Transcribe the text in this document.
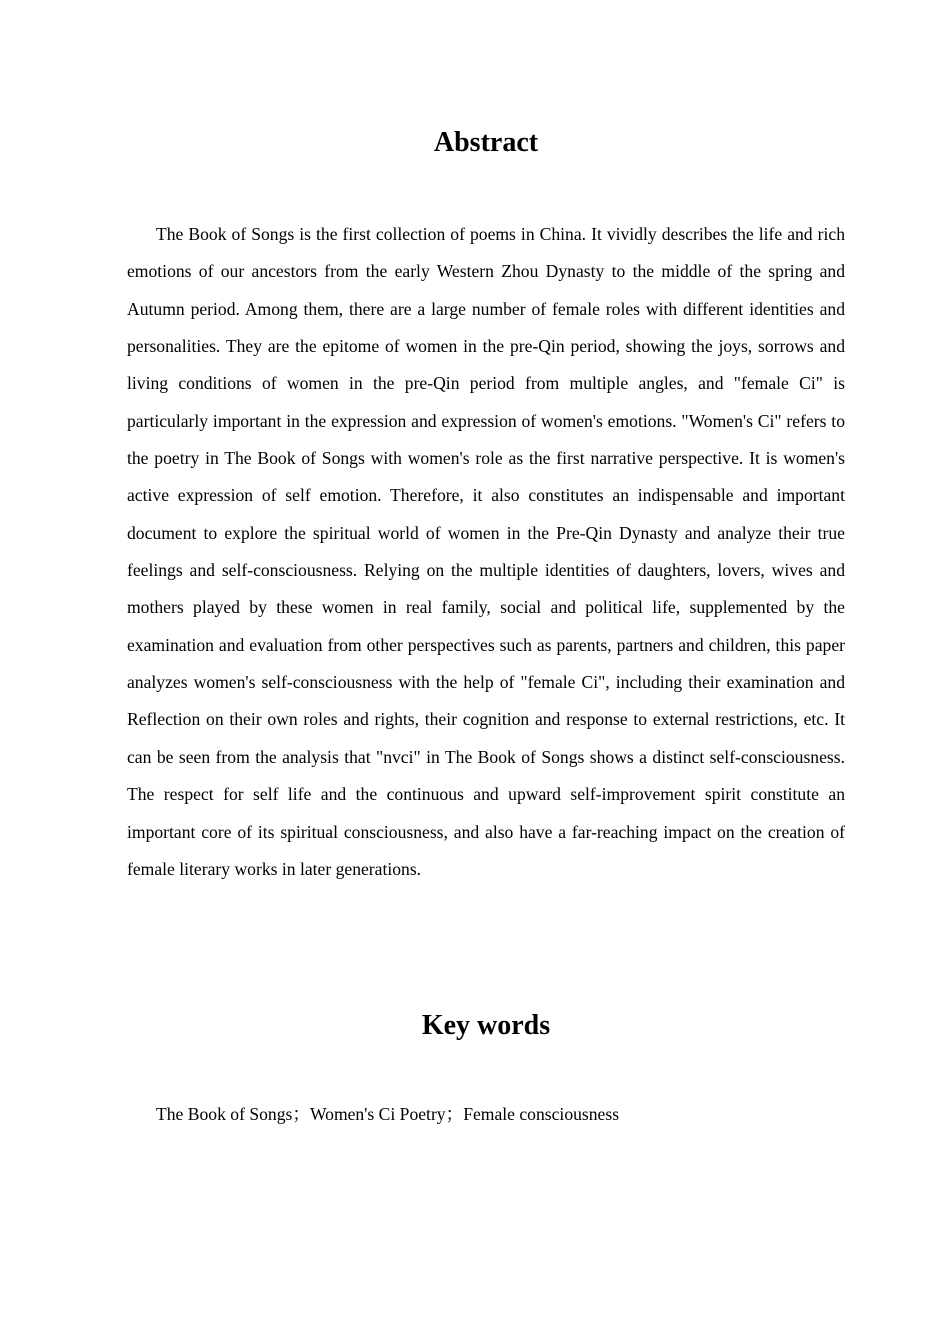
Abstract

The Book of Songs is the first collection of poems in China. It vividly describes the life and rich emotions of our ancestors from the early Western Zhou Dynasty to the middle of the spring and Autumn period. Among them, there are a large number of female roles with different identities and personalities. They are the epitome of women in the pre-Qin period, showing the joys, sorrows and living conditions of women in the pre-Qin period from multiple angles, and "female Ci" is particularly important in the expression and expression of women's emotions. "Women's Ci" refers to the poetry in The Book of Songs with women's role as the first narrative perspective. It is women's active expression of self emotion. Therefore, it also constitutes an indispensable and important document to explore the spiritual world of women in the Pre-Qin Dynasty and analyze their true feelings and self-consciousness. Relying on the multiple identities of daughters, lovers, wives and mothers played by these women in real family, social and political life, supplemented by the examination and evaluation from other perspectives such as parents, partners and children, this paper analyzes women's self-consciousness with the help of "female Ci", including their examination and Reflection on their own roles and rights, their cognition and response to external restrictions, etc. It can be seen from the analysis that "nvci" in The Book of Songs shows a distinct self-consciousness. The respect for self life and the continuous and upward self-improvement spirit constitute an important core of its spiritual consciousness, and also have a far-reaching impact on the creation of female literary works in later generations.

Key words

The Book of Songs；Women's Ci Poetry；Female consciousness
